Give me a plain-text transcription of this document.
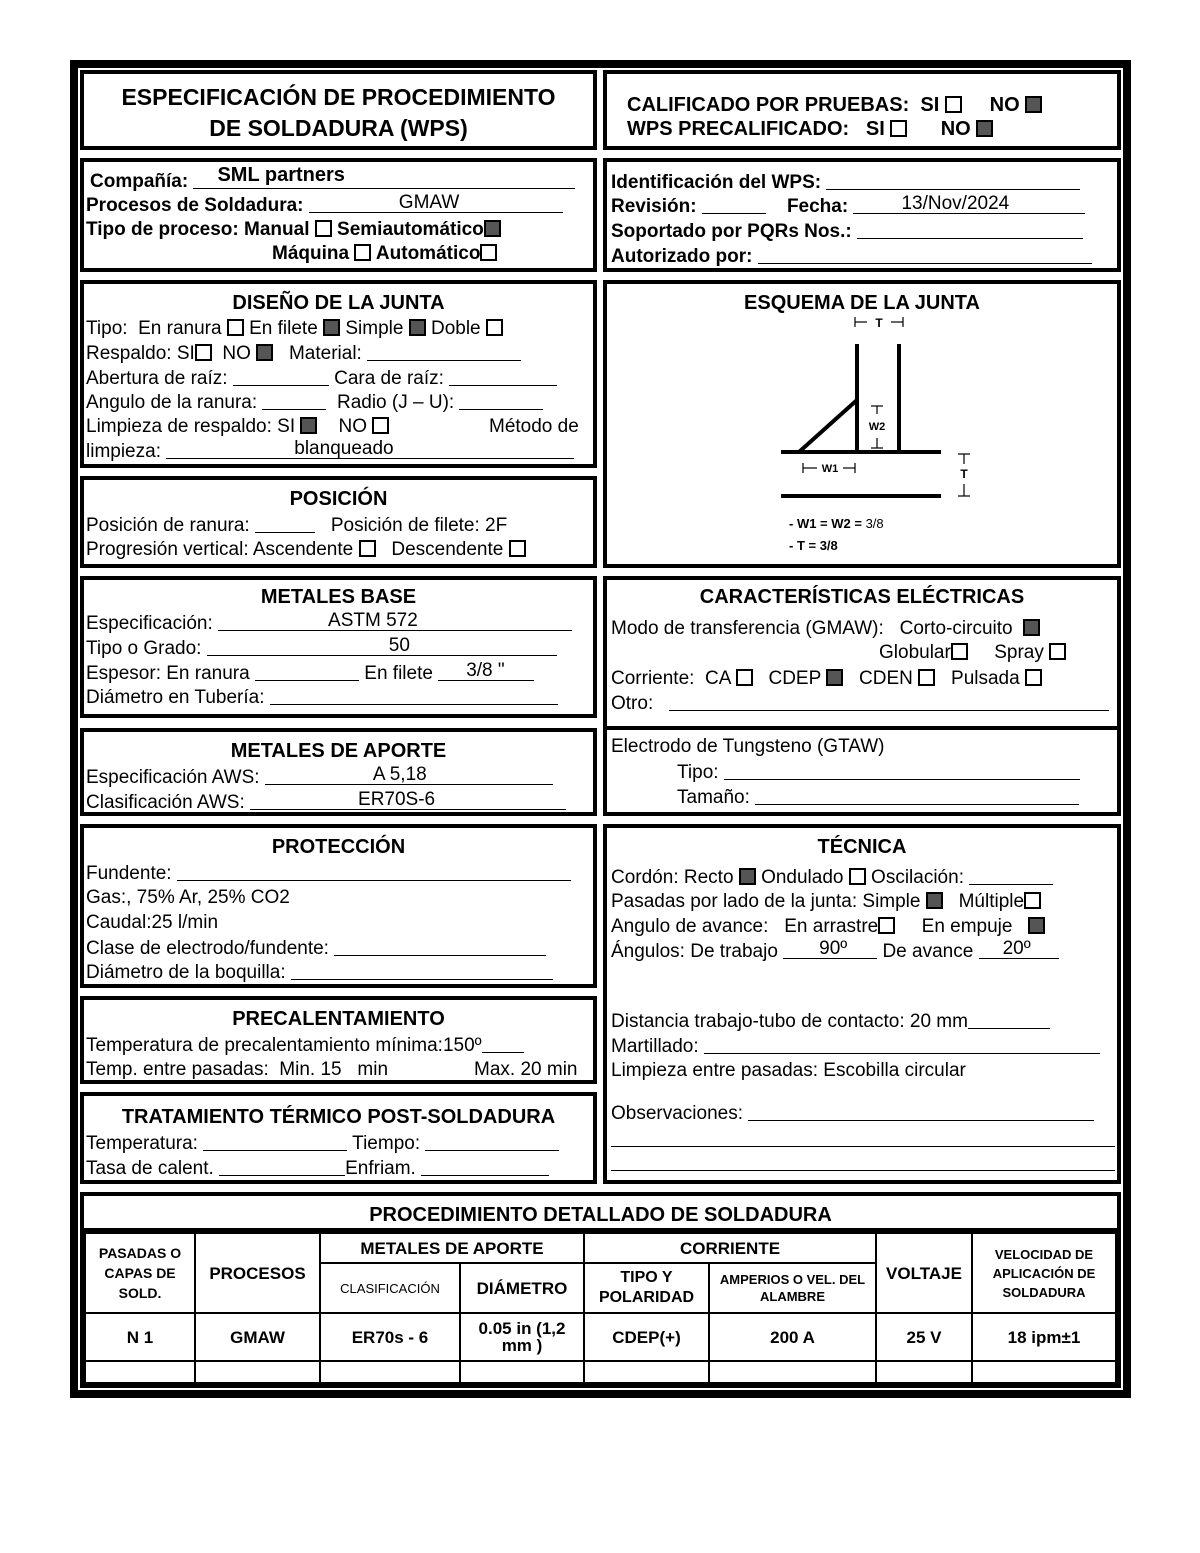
ESPECIFICACIÓN DE PROCEDIMIENTO
DE SOLDADURA (WPS)
CALIFICADO POR PRUEBAS: SI	NO
WPS PRECALIFICADO: SI	NO
Compañía: SML partners
Procesos de Soldadura:	GMAW
Tipo de proceso: Manual Semiautomático
Máquina Automático
Identificación del WPS:
Revisión:	Fecha:	13/Nov/2024
Soportado por PQRs Nos.:
Autorizado por:
DISEÑO DE LA JUNTA
Tipo: En ranura En filete Simple Doble
Respaldo: SI NO Material:
Abertura de raíz:	Cara de raíz:
Angulo de la ranura:	Radio (J – U):
Limpieza de respaldo: SI NO	Método de
limpieza:	blanqueado
POSICIÓN
Posición de ranura:	Posición de filete: 2F
Progresión vertical: Ascendente Descendente
ESQUEMA DE LA JUNTA
T
W2
W1	T
- W1 = W2 = 3/8
- T = 3/8
METALES BASE
Especificación:	ASTM 572
Tipo o Grado:	50
Espesor: En ranura	En filete 3/8 "
Diámetro en Tubería:
CARACTERÍSTICAS ELÉCTRICAS
Modo de transferencia (GMAW): Corto-circuito
Globular Spray
Corriente: CA CDEP CDEN Pulsada
Otro:
Electrodo de Tungsteno (GTAW)
Tipo:
Tamaño:
METALES DE APORTE
Especificación AWS:	A 5,18
Clasificación AWS:	ER70S-6
PROTECCIÓN
Fundente:
Gas:, 75% Ar, 25% CO2
Caudal:25 l/min
Clase de electrodo/fundente:
Diámetro de la boquilla:
TÉCNICA
Cordón: Recto Ondulado Oscilación:
Pasadas por lado de la junta: Simple Múltiple
Angulo de avance: En arrastre En empuje
Ángulos: De trabajo 90º De avance 20º
Distancia trabajo-tubo de contacto: 20 mm
Martillado:
Limpieza entre pasadas: Escobilla circular
Observaciones:
PRECALENTAMIENTO
Temperatura de precalentamiento mínima:150º
Temp. entre pasadas:  Min. 15   min	Max. 20 min
TRATAMIENTO TÉRMICO POST-SOLDADURA
Temperatura:	Tiempo:
Tasa de calent.	Enfriam.
PROCEDIMIENTO DETALLADO DE SOLDADURA
PASADAS O CAPAS DE SOLD.	PROCESOS	METALES DE APORTE		CORRIENTE		VOLTAJE	VELOCIDAD DE APLICACIÓN DE SOLDADURA
		CLASIFICACIÓN	DIÁMETRO	TIPO Y POLARIDAD	AMPERIOS O VEL. DEL ALAMBRE		
N 1	GMAW	ER70s - 6	0.05 in (1,2 mm )	CDEP(+)	200 A	25 V	18 ipm±1
